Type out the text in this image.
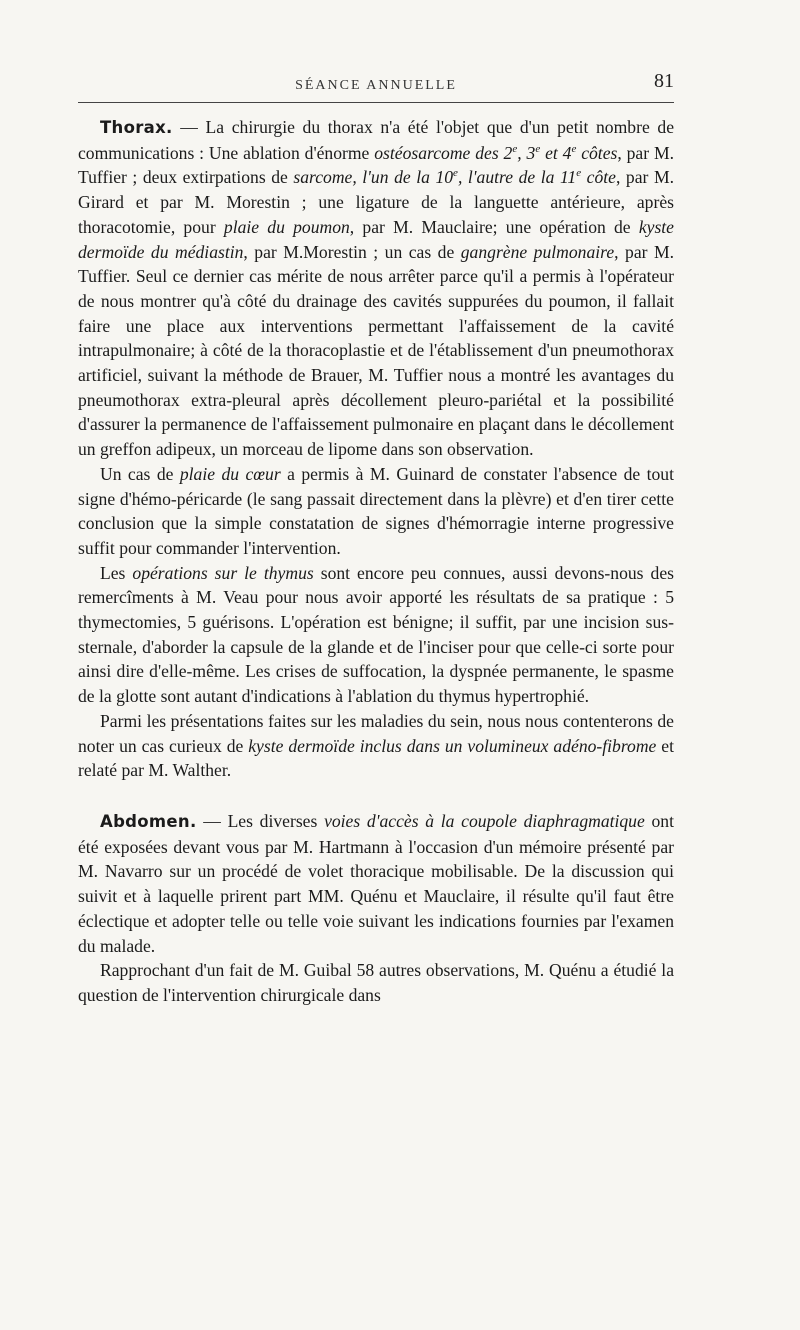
SÉANCE ANNUELLE	81

Thorax. — La chirurgie du thorax n'a été l'objet que d'un petit nombre de communications : Une ablation d'énorme ostéosarcome des 2e, 3e et 4e côtes, par M. Tuffier ; deux extirpations de sarcome, l'un de la 10e, l'autre de la 11e côte, par M. Girard et par M. Morestin ; une ligature de la languette antérieure, après thoracotomie, pour plaie du poumon, par M. Mauclaire; une opération de kyste dermoïde du médiastin, par M.Morestin ; un cas de gangrène pulmonaire, par M. Tuffier. Seul ce dernier cas mérite de nous arrêter parce qu'il a permis à l'opérateur de nous montrer qu'à côté du drainage des cavités suppurées du poumon, il fallait faire une place aux interventions permettant l'affaissement de la cavité intrapulmonaire; à côté de la thoracoplastie et de l'établissement d'un pneumothorax artificiel, suivant la méthode de Brauer, M. Tuffier nous a montré les avantages du pneumothorax extra-pleural après décollement pleuro-pariétal et la possibilité d'assurer la permanence de l'affaissement pulmonaire en plaçant dans le décollement un greffon adipeux, un morceau de lipome dans son observation.

Un cas de plaie du cœur a permis à M. Guinard de constater l'absence de tout signe d'hémo-péricarde (le sang passait directement dans la plèvre) et d'en tirer cette conclusion que la simple constatation de signes d'hémorragie interne progressive suffit pour commander l'intervention.

Les opérations sur le thymus sont encore peu connues, aussi devons-nous des remercîments à M. Veau pour nous avoir apporté les résultats de sa pratique : 5 thymectomies, 5 guérisons. L'opération est bénigne; il suffit, par une incision sus-sternale, d'aborder la capsule de la glande et de l'inciser pour que celle-ci sorte pour ainsi dire d'elle-même. Les crises de suffocation, la dyspnée permanente, le spasme de la glotte sont autant d'indications à l'ablation du thymus hypertrophié.

Parmi les présentations faites sur les maladies du sein, nous nous contenterons de noter un cas curieux de kyste dermoïde inclus dans un volumineux adéno-fibrome et relaté par M. Walther.

Abdomen. — Les diverses voies d'accès à la coupole diaphragmatique ont été exposées devant vous par M. Hartmann à l'occasion d'un mémoire présenté par M. Navarro sur un procédé de volet thoracique mobilisable. De la discussion qui suivit et à laquelle prirent part MM. Quénu et Mauclaire, il résulte qu'il faut être éclectique et adopter telle ou telle voie suivant les indications fournies par l'examen du malade.

Rapprochant d'un fait de M. Guibal 58 autres observations, M. Quénu a étudié la question de l'intervention chirurgicale dans
